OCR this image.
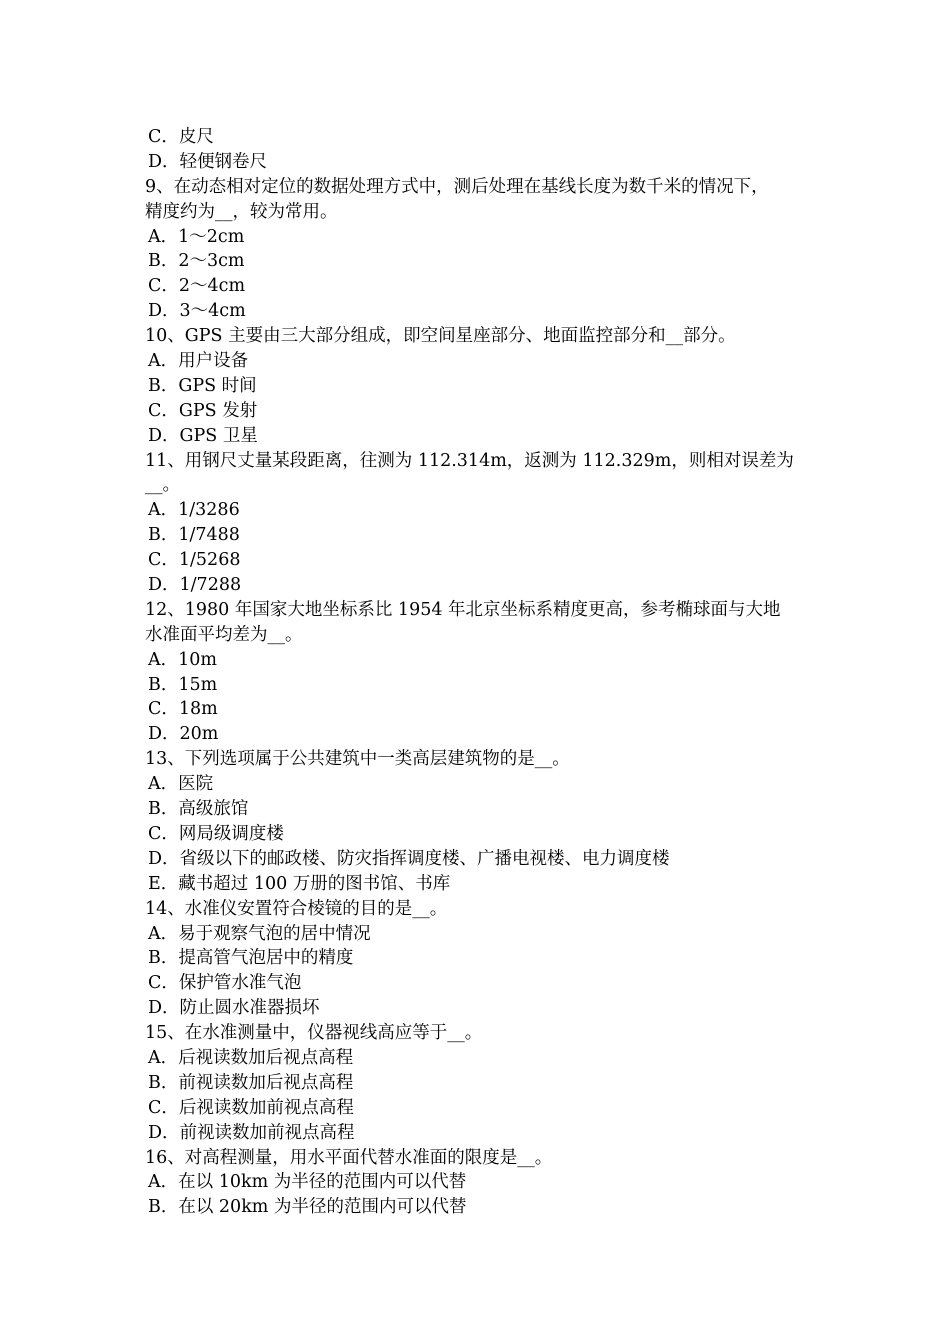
C．皮尺
D．轻便钢卷尺
9、在动态相对定位的数据处理方式中，测后处理在基线长度为数千米的情况下，
精度约为__，较为常用。
A．1～2cm
B．2～3cm
C．2～4cm
D．3～4cm
10、GPS 主要由三大部分组成，即空间星座部分、地面监控部分和__部分。
A．用户设备
B．GPS 时间
C．GPS 发射
D．GPS 卫星
11、用钢尺丈量某段距离，往测为 112.314m，返测为 112.329m，则相对误差为
__。
A．1/3286
B．1/7488
C．1/5268
D．1/7288
12、1980 年国家大地坐标系比 1954 年北京坐标系精度更高，参考椭球面与大地
水准面平均差为__。
A．10m
B．15m
C．18m
D．20m
13、下列选项属于公共建筑中一类高层建筑物的是__。
A．医院
B．高级旅馆
C．网局级调度楼
D．省级以下的邮政楼、防灾指挥调度楼、广播电视楼、电力调度楼
E．藏书超过 100 万册的图书馆、书库
14、水准仪安置符合棱镜的目的是__。
A．易于观察气泡的居中情况
B．提高管气泡居中的精度
C．保护管水准气泡
D．防止圆水准器损坏
15、在水准测量中，仪器视线高应等于__。
A．后视读数加后视点高程
B．前视读数加后视点高程
C．后视读数加前视点高程
D．前视读数加前视点高程
16、对高程测量，用水平面代替水准面的限度是__。
A．在以 10km 为半径的范围内可以代替
B．在以 20km 为半径的范围内可以代替
